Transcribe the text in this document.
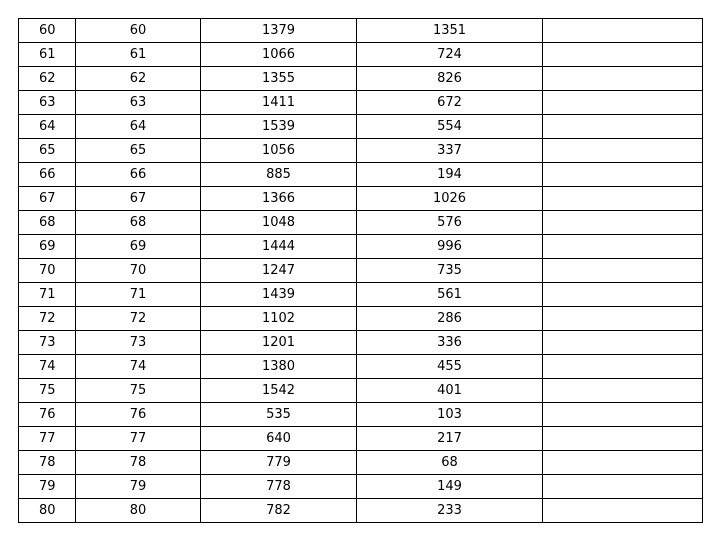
60	60	1379	1351	
61	61	1066	724	
62	62	1355	826	
63	63	1411	672	
64	64	1539	554	
65	65	1056	337	
66	66	885	194	
67	67	1366	1026	
68	68	1048	576	
69	69	1444	996	
70	70	1247	735	
71	71	1439	561	
72	72	1102	286	
73	73	1201	336	
74	74	1380	455	
75	75	1542	401	
76	76	535	103	
77	77	640	217	
78	78	779	68	
79	79	778	149	
80	80	782	233	
